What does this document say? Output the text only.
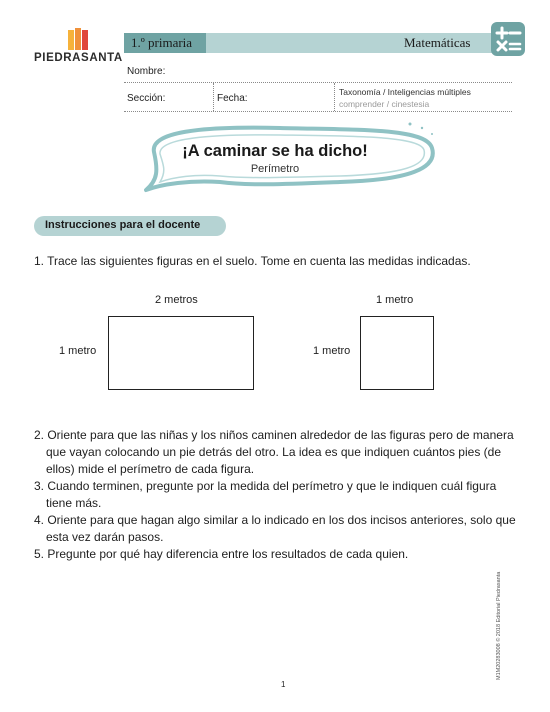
PIEDRASANTA
1.º primaria	Matemáticas
Nombre:
Sección:	Fecha:
Taxonomía / Inteligencias múltiples
comprender / cinestesia
¡A caminar se ha dicho!
Perímetro
Instrucciones para el docente
1. Trace las siguientes figuras en el suelo. Tome en cuenta las medidas indicadas.
2 metros
1 metro
1 metro
1 metro
2. Oriente para que las niñas y los niños caminen alrededor de las figuras pero de manera
que vayan colocando un pie detrás del otro. La idea es que indiquen cuántos pies (de
ellos) mide el perímetro de cada figura.
3. Cuando terminen, pregunte por la medida del perímetro y que le indiquen cuál figura
tiene más.
4. Oriente para que hagan algo similar a lo indicado en los dos incisos anteriores, solo que
esta vez darán pasos.
5. Pregunte por qué hay diferencia entre los resultados de cada quien.
M1M20283008 © 2018 Editorial Piedrasanta
1
